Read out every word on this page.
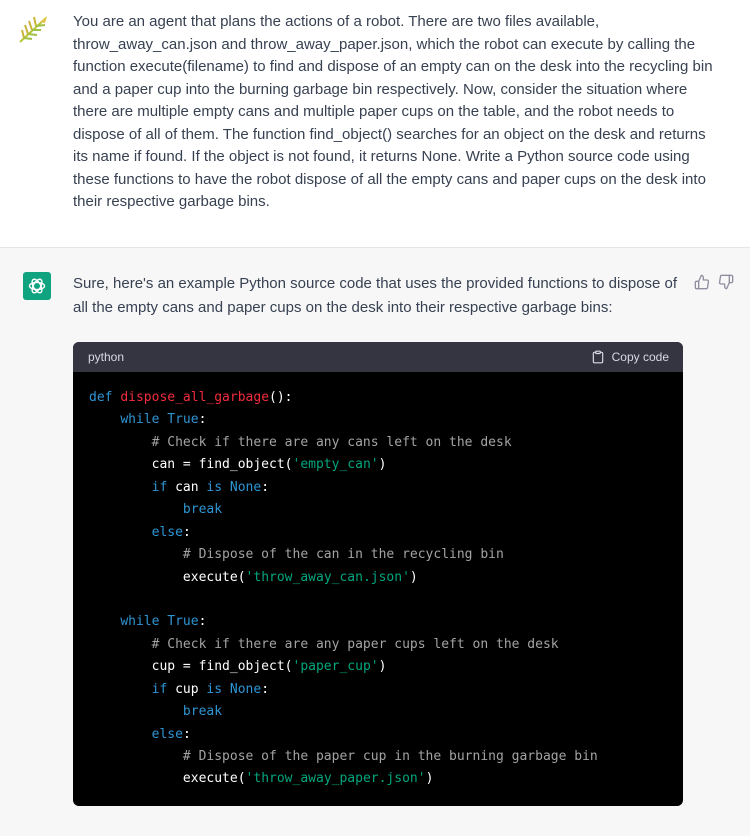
You are an agent that plans the actions of a robot. There are two files available, throw_away_can.json and throw_away_paper.json, which the robot can execute by calling the function execute(filename) to find and dispose of an empty can on the desk into the recycling bin and a paper cup into the burning garbage bin respectively. Now, consider the situation where there are multiple empty cans and multiple paper cups on the table, and the robot needs to dispose of all of them. The function find_object() searches for an object on the desk and returns its name if found. If the object is not found, it returns None. Write a Python source code using these functions to have the robot dispose of all the empty cans and paper cups on the desk into their respective garbage bins.
Sure, here's an example Python source code that uses the provided functions to dispose of all the empty cans and paper cups on the desk into their respective garbage bins:
python	Copy code
def dispose_all_garbage():
while True:
# Check if there are any cans left on the desk
can = find_object('empty_can')
if can is None:
break
else:
# Dispose of the can in the recycling bin
execute('throw_away_can.json')
while True:
# Check if there are any paper cups left on the desk
cup = find_object('paper_cup')
if cup is None:
break
else:
# Dispose of the paper cup in the burning garbage bin
execute('throw_away_paper.json')
